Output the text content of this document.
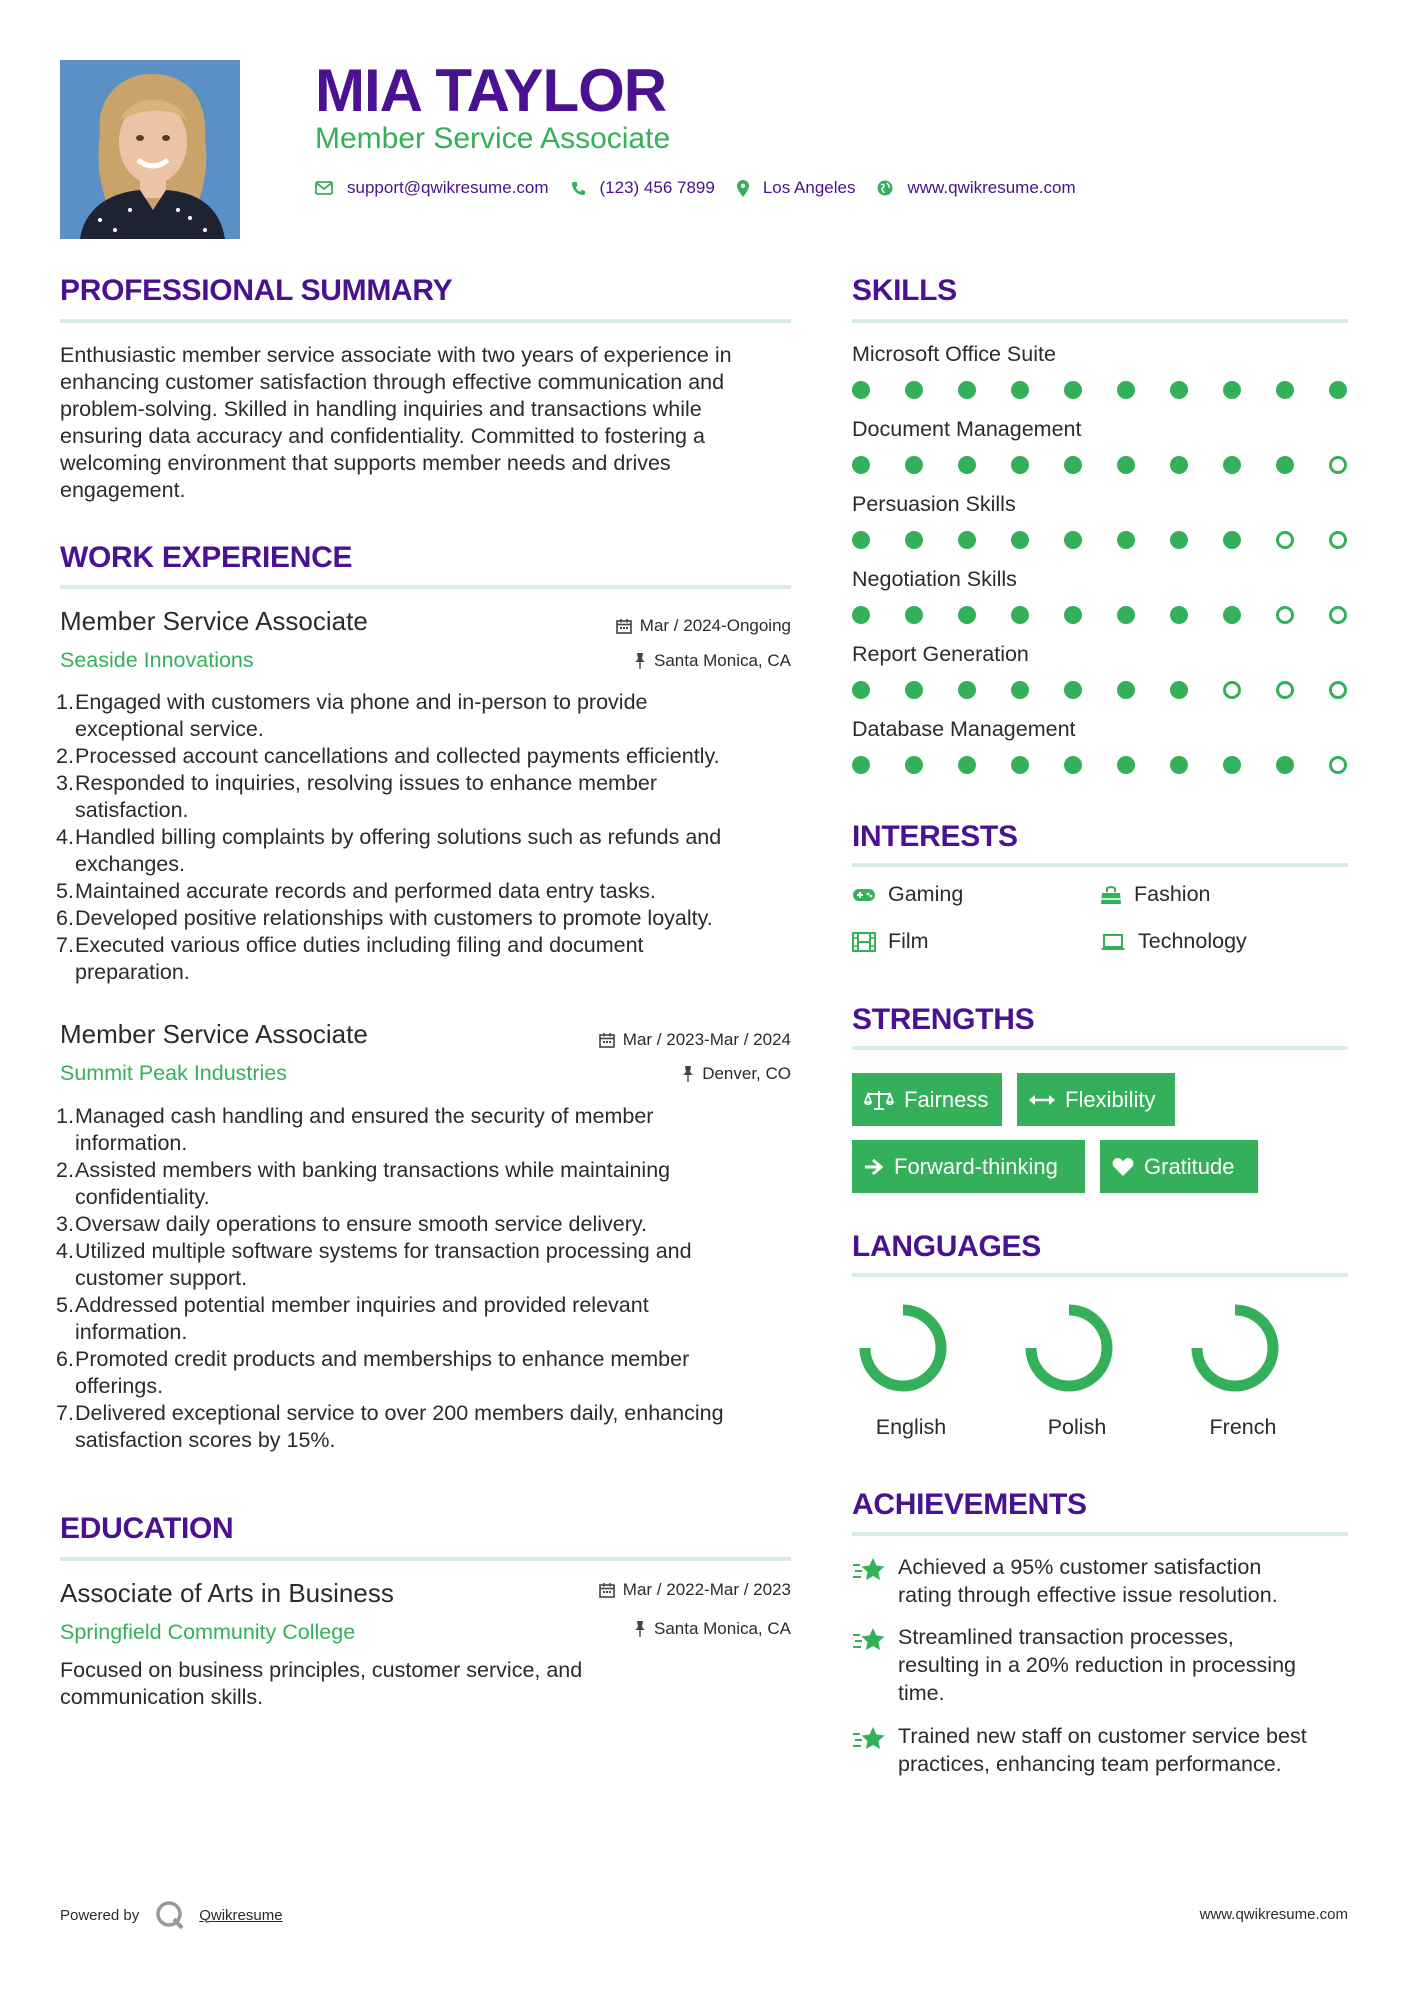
MIA TAYLOR
Member Service Associate
support@qwikresume.com	(123) 456 7899	Los Angeles	www.qwikresume.com
PROFESSIONAL SUMMARY
Enthusiastic member service associate with two years of experience in
enhancing customer satisfaction through effective communication and
problem-solving. Skilled in handling inquiries and transactions while
ensuring data accuracy and confidentiality. Committed to fostering a
welcoming environment that supports member needs and drives
engagement.
WORK EXPERIENCE
Member Service Associate
Seaside Innovations
Mar / 2024-Ongoing
Santa Monica, CA
1. Engaged with customers via phone and in-person to provide
exceptional service.
2. Processed account cancellations and collected payments efficiently.
3. Responded to inquiries, resolving issues to enhance member
satisfaction.
4. Handled billing complaints by offering solutions such as refunds and
exchanges.
5. Maintained accurate records and performed data entry tasks.
6. Developed positive relationships with customers to promote loyalty.
7. Executed various office duties including filing and document
preparation.
Member Service Associate
Summit Peak Industries
Mar / 2023-Mar / 2024
Denver, CO
1. Managed cash handling and ensured the security of member
information.
2. Assisted members with banking transactions while maintaining
confidentiality.
3. Oversaw daily operations to ensure smooth service delivery.
4. Utilized multiple software systems for transaction processing and
customer support.
5. Addressed potential member inquiries and provided relevant
information.
6. Promoted credit products and memberships to enhance member
offerings.
7. Delivered exceptional service to over 200 members daily, enhancing
satisfaction scores by 15%.
EDUCATION
Associate of Arts in Business
Springfield Community College
Mar / 2022-Mar / 2023
Santa Monica, CA
Focused on business principles, customer service, and
communication skills.
SKILLS
Microsoft Office Suite
Document Management
Persuasion Skills
Negotiation Skills
Report Generation
Database Management
INTERESTS
Gaming	Fashion
Film	Technology
STRENGTHS
Fairness	Flexibility
Forward-thinking	Gratitude
LANGUAGES
English	Polish	French
ACHIEVEMENTS
Achieved a 95% customer satisfaction
rating through effective issue resolution.
Streamlined transaction processes,
resulting in a 20% reduction in processing
time.
Trained new staff on customer service best
practices, enhancing team performance.
Powered by	Qwikresume	www.qwikresume.com
